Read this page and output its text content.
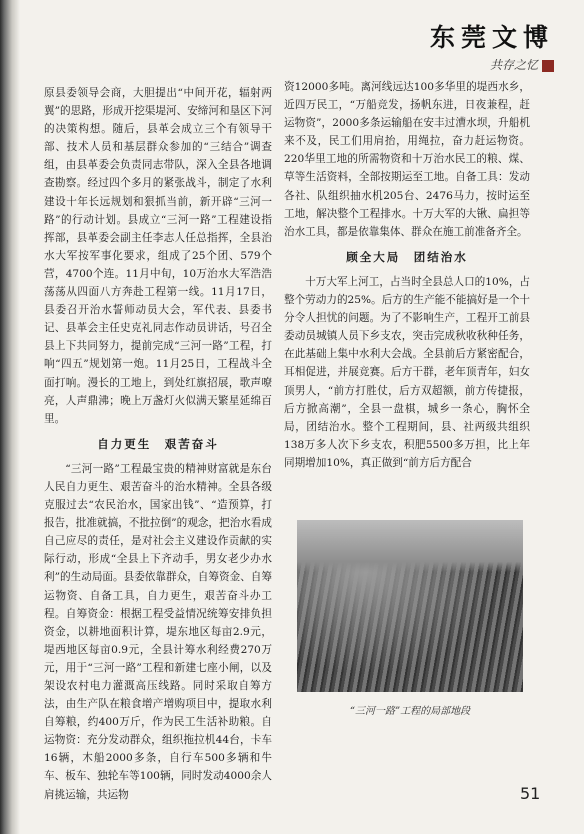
东莞文博
共存之忆

原县委领导会商，大胆提出“中间开花，辐射两翼”的思路，形成开挖渠堤河、安缔河和垦区下河的决策构想。随后，县革会成立三个有领导干部、技术人员和基层群众参加的“三结合”调查组，由县革委会负责同志带队，深入全县各地调查勘察。经过四个多月的紧张战斗，制定了水利建设十年长远规划和狠抓当前，新开辟“三河一路”的行动计划。县成立“三河一路”工程建设指挥部，县革委会副主任李志人任总指挥，全县治水大军按军事化要求，组成了25个团、579个营，4700个连。11月中旬，10万治水大军浩浩荡荡从四面八方奔赴工程第一线。11月17日，县委召开治水誓师动员大会，军代表、县委书记、县革会主任史克礼同志作动员讲话，号召全县上下共同努力，提前完成“三河一路”工程，打响“四五”规划第一炮。11月25日，工程战斗全面打响。漫长的工地上，到处红旗招展，歌声嘹亮，人声鼎沸；晚上万盏灯火似满天繁星延绵百里。

自力更生　艰苦奋斗

“三河一路”工程最宝贵的精神财富就是东台人民自力更生、艰苦奋斗的治水精神。全县各级克服过去“农民治水，国家出钱”、“造预算，打报告，批准就搞，不批拉倒”的观念，把治水看成自己应尽的责任，是对社会主义建设作贡献的实际行动，形成“全县上下齐动手，男女老少办水利”的生动局面。县委依靠群众，自筹资金、自筹运物资、自备工具，自力更生，艰苦奋斗办工程。自筹资金：根据工程受益情况统筹安排负担资金，以耕地面积计算，堤东地区每亩2.9元，堤西地区每亩0.9元，全县计筹水利经费270万元，用于“三河一路”工程和新建七座小闸，以及架设农村电力灌溉高压线路。同时采取自筹方法，由生产队在粮食增产增购项目中，提取水利自筹粮，约400万斤，作为民工生活补助粮。自运物资：充分发动群众，组织拖拉机44台，卡车16辆，木船2000多条，自行车500多辆和牛车、板车、独轮车等100辆，同时发动4000余人肩挑运输，共运物

资12000多吨。离河线远达100多华里的堤西水乡，近四万民工，“万船竞发，扬帆东进，日夜兼程，赶运物资”，2000多条运输船在安丰过漕水坝，升船机来不及，民工们用肩抬，用绳拉，奋力赶运物资。220华里工地的所需物资和十万治水民工的粮、煤、草等生活资料，全部按期运至工地。自备工具：发动各社、队组织抽水机205台、2476马力，按时运至工地，解决整个工程排水。十万大军的大锹、扁担等治水工具，都是依靠集体、群众在施工前准备齐全。

顾全大局　团结治水

十万大军上河工，占当时全县总人口的10%，占整个劳动力的25%。后方的生产能不能搞好是一个十分令人担忧的问题。为了不影响生产，工程开工前县委动员城镇人员下乡支农，突击完成秋收秋种任务，在此基础上集中水利大会战。全县前后方紧密配合，耳相促进，并展竞赛。后方干群，老年顶青年，妇女顶男人，“前方打胜仗，后方双超额，前方传捷报，后方掀高潮”，全县一盘棋，城乡一条心，胸怀全局，团结治水。整个工程期间，县、社两级共组织138万多人次下乡支农，积肥5500多万担，比上年同期增加10%，真正做到“前方后方配合

“三河一路”工程的局部地段
51
